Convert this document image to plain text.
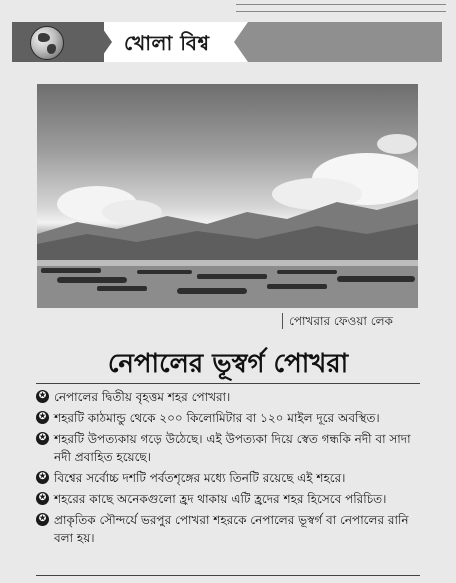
খোলা বিশ্ব
পোখরার ফেওয়া লেক
নেপালের ভূস্বর্গ পোখরা
✪ নেপালের দ্বিতীয় বৃহত্তম শহর পোখরা।
✪ শহরটি কাঠমান্ডু থেকে ২০০ কিলোমিটার বা ১২০ মাইল দূরে অবস্থিত।
✪ শহরটি উপত্যকায় গড়ে উঠেছে। এই উপত্যকা দিয়ে স্বেত গন্ধকি নদী বা সাদা নদী প্রবাহিত হয়েছে।
✪ বিশ্বের সর্বোচ্চ দশটি পর্বতশৃঙ্গের মধ্যে তিনটি রয়েছে এই শহরে।
✪ শহরের কাছে অনেকগুলো হ্রদ থাকায় এটি হ্রদের শহর হিসেবে পরিচিত।
✪ প্রাকৃতিক সৌন্দর্যে ভরপুর পোখরা শহরকে নেপালের ভূস্বর্গ বা নেপালের রানি বলা হয়।
